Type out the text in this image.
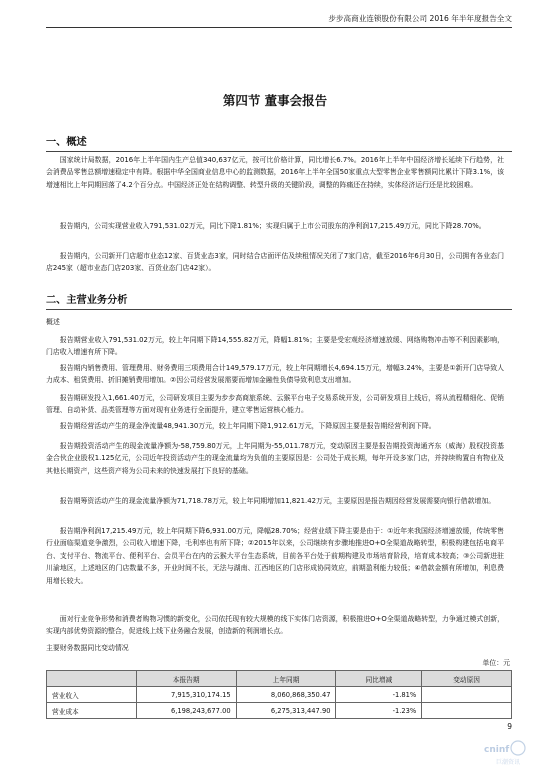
步步高商业连锁股份有限公司 2016 年半年度报告全文
第四节 董事会报告
一、概述

国家统计局数据，2016年上半年国内生产总值340,637亿元，按可比价格计算，同比增长6.7%。2016年上半年中国经济增长延续下行趋势，社会消费品零售总额增速稳定中有降。根据中华全国商业信息中心的监测数据，2016年上半年全国50家重点大型零售企业零售额同比累计下降3.1%，该增速相比上年同期回落了4.2个百分点。中国经济正处在结构调整、转型升级的关键阶段，调整的阵痛还在持续，实体经济运行还是比较困难。

报告期内，公司实现营业收入791,531.02万元，同比下降1.81%；实现归属于上市公司股东的净利润17,215.49万元，同比下降28.70%。

报告期内，公司新开门店超市业态12家、百货业态3家，同时结合店面评估及续租情况关闭了7家门店，截至2016年6月30日，公司拥有各业态门店245家（超市业态门店203家、百货业态门店42家）。

二、主营业务分析
概述

报告期营业收入791,531.02万元，较上年同期下降14,555.82万元，降幅1.81%；主要是受宏观经济增速放缓、网络购物冲击等不利因素影响，门店收入增速有所下降。

报告期内销售费用、管理费用、财务费用三项费用合计149,579.17万元，较上年同期增长4,694.15万元，增幅3.24%，主要是①新开门店导致人力成本、租赁费用、折旧摊销费用增加。②因公司经营发展需要而增加金融性负债导致利息支出增加。

报告期研发投入1,661.40万元，公司研发项目主要为步步高商旅系统、云猴平台电子交易系统开发，公司研发项目上线后，将从流程精细化、促销管理、自动补货、品类管理等方面对现有业务进行全面提升，建立零售运营核心能力。

报告期经营活动产生的现金净流量48,941.30万元，较上年同期下降1,912.61万元，下降原因主要是报告期经营利润下降。

报告期投资活动产生的现金流量净额为-58,759.80万元，上年同期为-55,011.78万元，变动原因主要是报告期投资海通齐东（威海）股权投资基金合伙企业股权1.125亿元，公司近年投资活动产生的现金流量均为负值的主要原因是：公司处于成长期，每年开设多家门店，并持续购置自有物业及其他长期资产，这些资产将为公司未来的快速发展打下良好的基础。

报告期筹资活动产生的现金流量净额为71,718.78万元，较上年同期增加11,821.42万元，主要原因是报告期因经营发展需要向银行借款增加。

报告期净利润17,215.49万元，较上年同期下降6,931.00万元，降幅28.70%；经营业绩下降主要是由于：①近年来我国经济增速放缓，传统零售行业面临渠道竞争激烈，公司收入增速下降，毛利率也有所下降；②2015年以来，公司继续有步骤地推进O+O全渠道战略转型，积极构建包括电商平台、支付平台、物流平台、便利平台、会员平台在内的云猴大平台生态系统，目前各平台处于前期构建及市场培育阶段，培育成本较高；③公司新进驻川渝地区，上述地区的门店数量不多，开业时间不长，无法与湖南、江西地区的门店形成协同效应，前期盈利能力较低；④借款金额有所增加，利息费用增长较大。

面对行业竞争形势和消费者购物习惯的新变化，公司依托现有较大规模的线下实体门店资源，积极推进O+O全渠道战略转型，力争通过模式创新，实现内部优势资源的整合，促进线上线下业务融合发展，创造新的利润增长点。

主要财务数据同比变动情况
单位：元
	本报告期	上年同期	同比增减	变动原因
营业收入	7,915,310,174.15	8,060,868,350.47	-1.81%	
营业成本	6,198,243,677.00	6,275,313,447.90	-1.23%	
9
cninf
巨潮资讯
